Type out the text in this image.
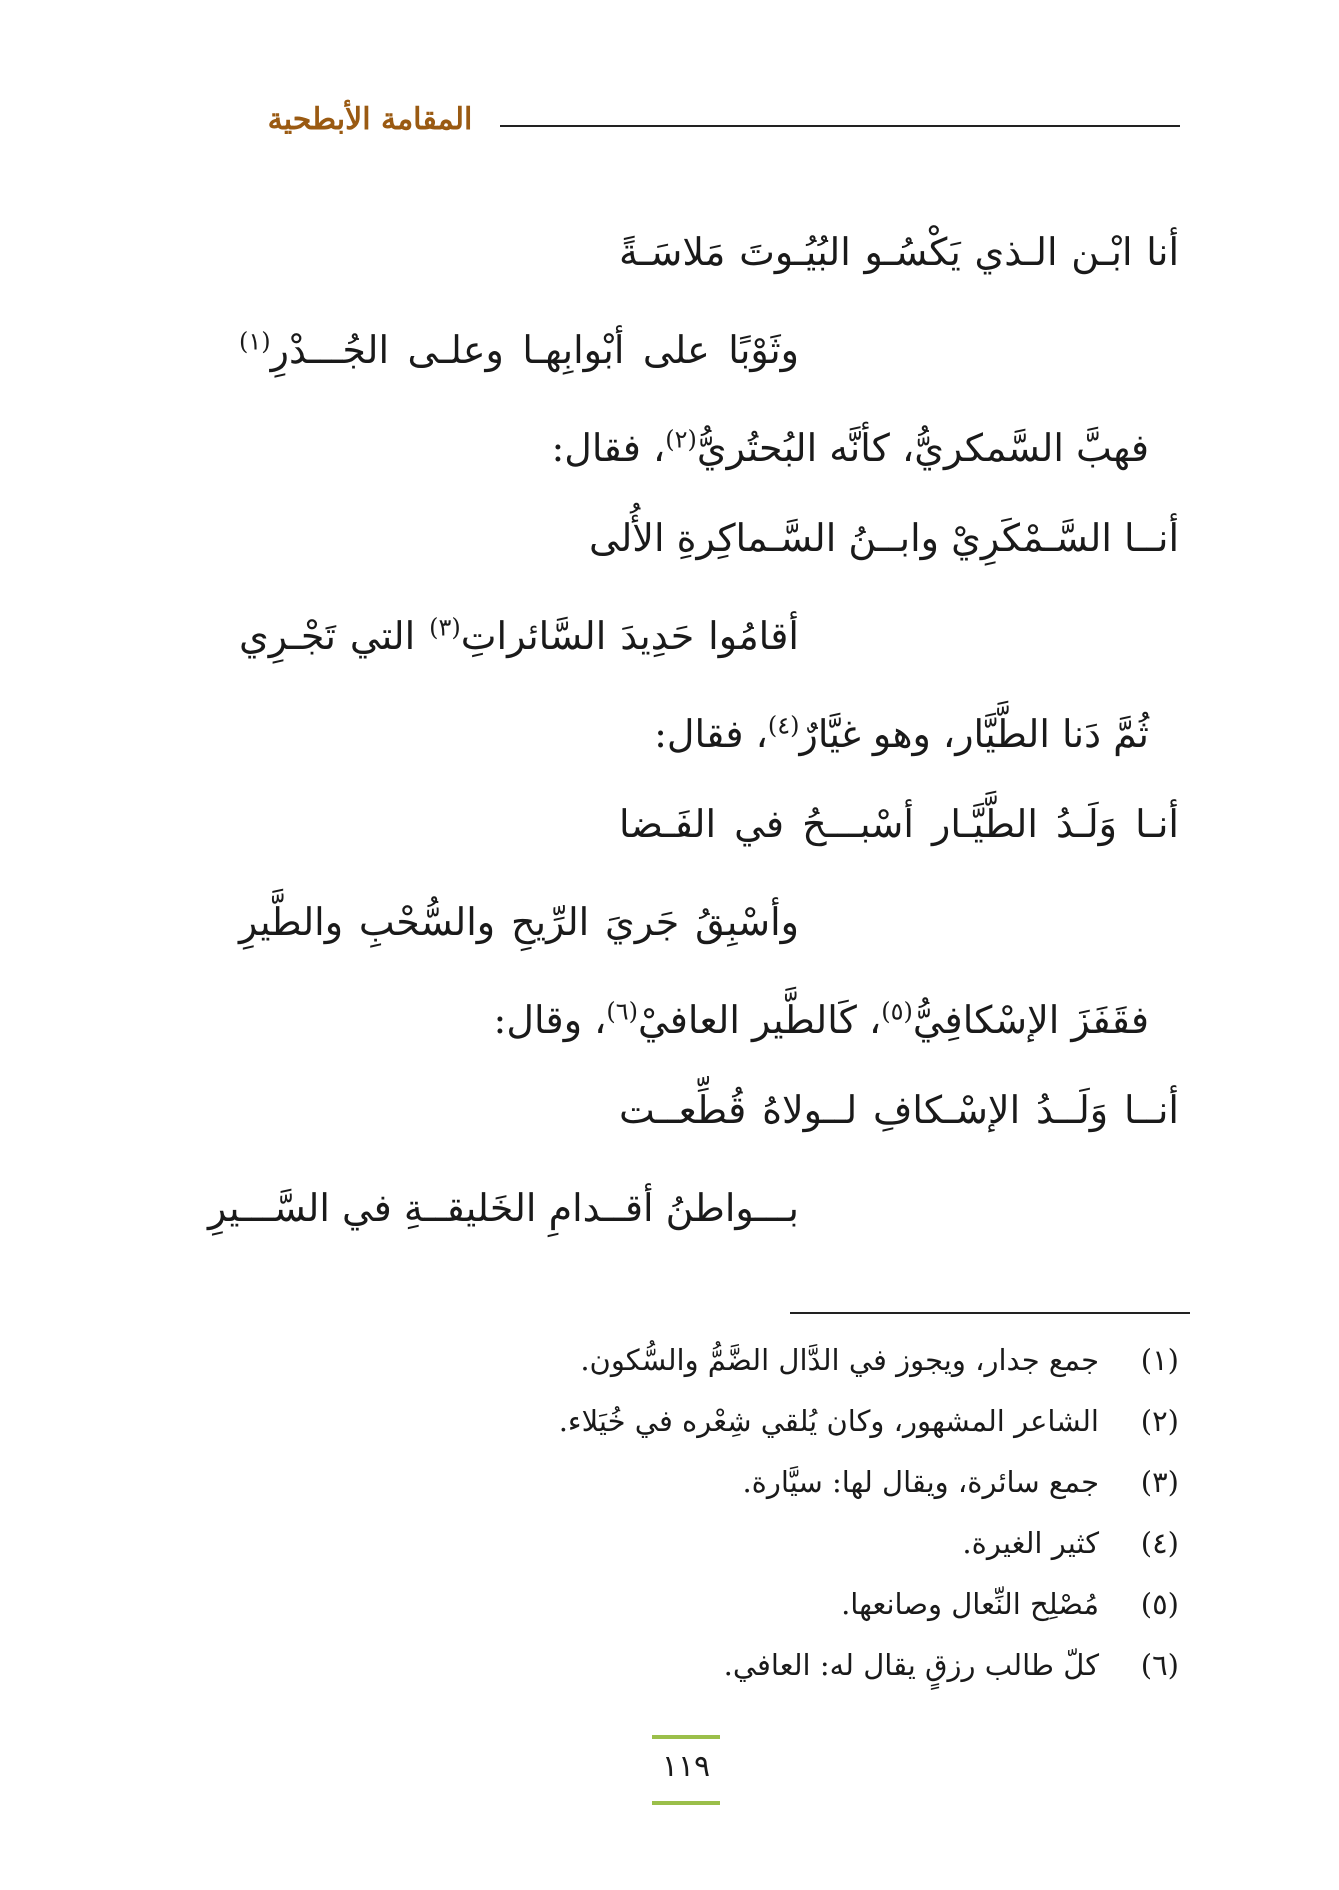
المقامة الأبطحية
أنا ابْـن الـذي يَكْسُـو البُيُـوتَ مَلاسَـةً
وثَوْبًا على أبْوابِهـا وعلـى الجُـــدْرِ$^{(١)}$
فهبَّ السَّمكريُّ، كأنَّه البُحتُريُّ$^{(٢)}$، فقال:
أنــا السَّـمْكَرِيْ وابــنُ السَّـماكِرةِ الأُلى
أقامُوا حَدِيدَ السَّائراتِ$^{(٣)}$ التي تَجْـرِي
ثُمَّ دَنا الطَّيَّار، وهو غيَّارٌ$^{(٤)}$، فقال:
أنـا وَلَـدُ الطَّيَّـار أسْبـــحُ في الفَـضا
وأسْبِقُ جَريَ الرِّيحِ والسُّحْبِ والطَّيرِ
فقَفَزَ الإسْكافِيُّ$^{(٥)}$، كَالطَّير العافيْ$^{(٦)}$، وقال:
أنــا وَلَــدُ الإسْـكافِ لــولاهُ قُطِّعــت
بـــواطنُ أقــدامِ الخَليقــةِ في السَّـــيرِ
(١)
جمع جدار، ويجوز في الدَّال الضَّمُّ والسُّكون.
(٢)
الشاعر المشهور، وكان يُلقي شِعْره في خُيَلاء.
(٣)
جمع سائرة، ويقال لها: سيَّارة.
(٤)
كثير الغيرة.
(٥)
مُصْلِح النِّعال وصانعها.
(٦)
كلّ طالب رزقٍ يقال له: العافي.
١١٩
